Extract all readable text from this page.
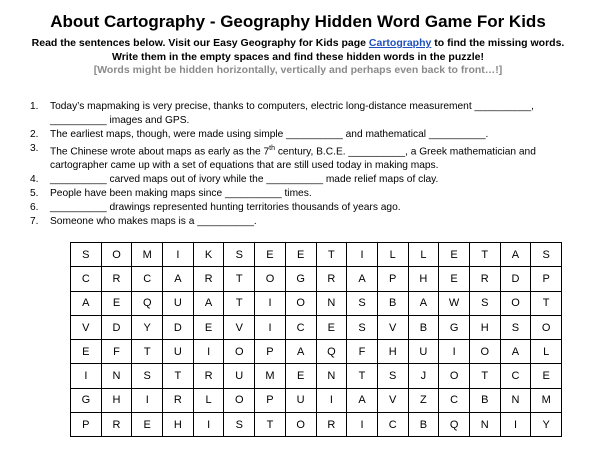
About Cartography - Geography Hidden Word Game For Kids
Read the sentences below. Visit our Easy Geography for Kids page Cartography to find the missing words.
Write them in the empty spaces and find these hidden words in the puzzle!
[Words might be hidden horizontally, vertically and perhaps even back to front…!]
1.	Today’s mapmaking is very precise, thanks to computers, electric long-distance measurement __________,
__________ images and GPS.
2.	The earliest maps, though, were made using simple __________ and mathematical __________.
3.	The Chinese wrote about maps as early as the 7th century, B.C.E. __________, a Greek mathematician and
cartographer came up with a set of equations that are still used today in making maps.
4.	__________ carved maps out of ivory while the __________ made relief maps of clay.
5.	People have been making maps since __________ times.
6.	__________ drawings represented hunting territories thousands of years ago.
7.	Someone who makes maps is a __________.
S	O	M	I	K	S	E	E	T	I	L	L	E	T	A	S
C	R	C	A	R	T	O	G	R	A	P	H	E	R	D	P
A	E	Q	U	A	T	I	O	N	S	B	A	W	S	O	T
V	D	Y	D	E	V	I	C	E	S	V	B	G	H	S	O
E	F	T	U	I	O	P	A	Q	F	H	U	I	O	A	L
I	N	S	T	R	U	M	E	N	T	S	J	O	T	C	E
G	H	I	R	L	O	P	U	I	A	V	Z	C	B	N	M
P	R	E	H	I	S	T	O	R	I	C	B	Q	N	I	Y
